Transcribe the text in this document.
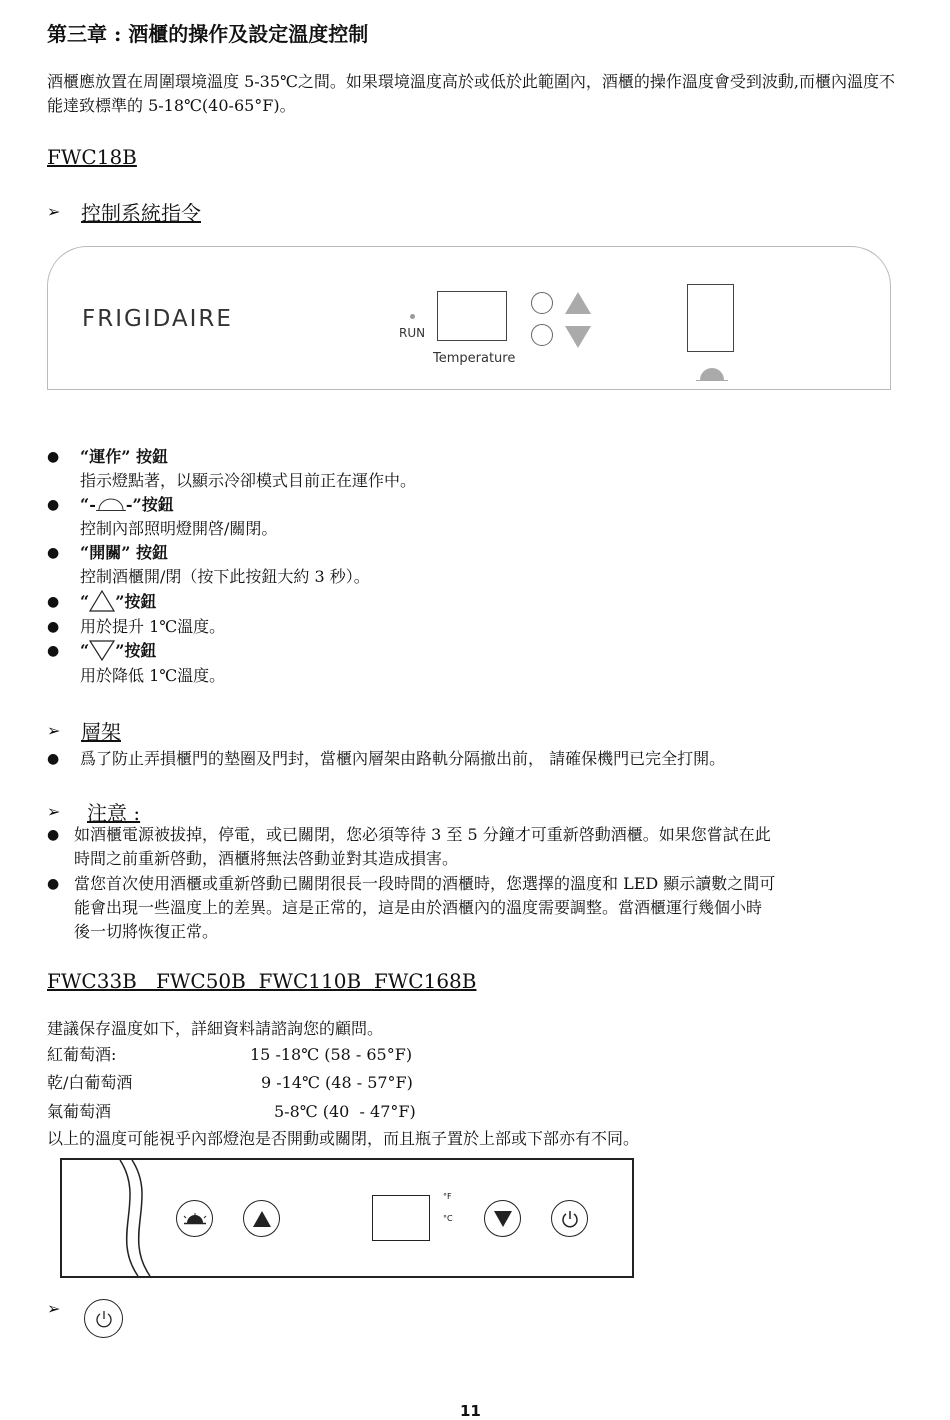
第三章 : 酒櫃的操作及設定溫度控制
酒櫃應放置在周圍環境溫度 5-35℃之間。如果環境溫度高於或低於此範圍內，酒櫃的操作溫度會受到波動,而櫃內溫度不能達致標準的 5-18℃(40-65°F)。
FWC18B
➢ 控制系統指令
FRIGIDAIRE
RUN
Temperature
●	“運作” 按鈕
指示燈點著，以顯示冷卻模式目前正在運作中。
●	“- -”按鈕
控制內部照明燈開啓/關閉。
●	“開關” 按鈕
控制酒櫃開/閉（按下此按鈕大約 3 秒）。
●	“ ”按鈕
●	用於提升 1℃溫度。
●	“ ”按鈕
用於降低 1℃溫度。
➢ 層架
●	爲了防止弄損櫃門的墊圈及門封，當櫃內層架由路軌分隔撤出前， 請確保機門已完全打開。
➢ 注意 :
● 如酒櫃電源被拔掉，停電，或已關閉，您必須等待 3 至 5 分鐘才可重新啓動酒櫃。如果您嘗試在此
時間之前重新啓動，酒櫃將無法啓動並對其造成損害。
● 當您首次使用酒櫃或重新啓動已關閉很長一段時間的酒櫃時，您選擇的溫度和 LED 顯示讀數之間可
能會出現一些溫度上的差異。這是正常的，這是由於酒櫃內的溫度需要調整。當酒櫃運行幾個小時
後一切將恢復正常。
FWC33B   FWC50B  FWC110B  FWC168B
建議保存溫度如下，詳細資料請諮詢您的顧問。
紅葡萄酒:	15 -18℃ (58 - 65°F)
乾/白葡萄酒	9 -14℃ (48 - 57°F)
氣葡萄酒	5-8℃ (40  - 47°F)
以上的溫度可能視乎內部燈泡是否開動或關閉，而且瓶子置於上部或下部亦有不同。
°F
°C
➢
11
